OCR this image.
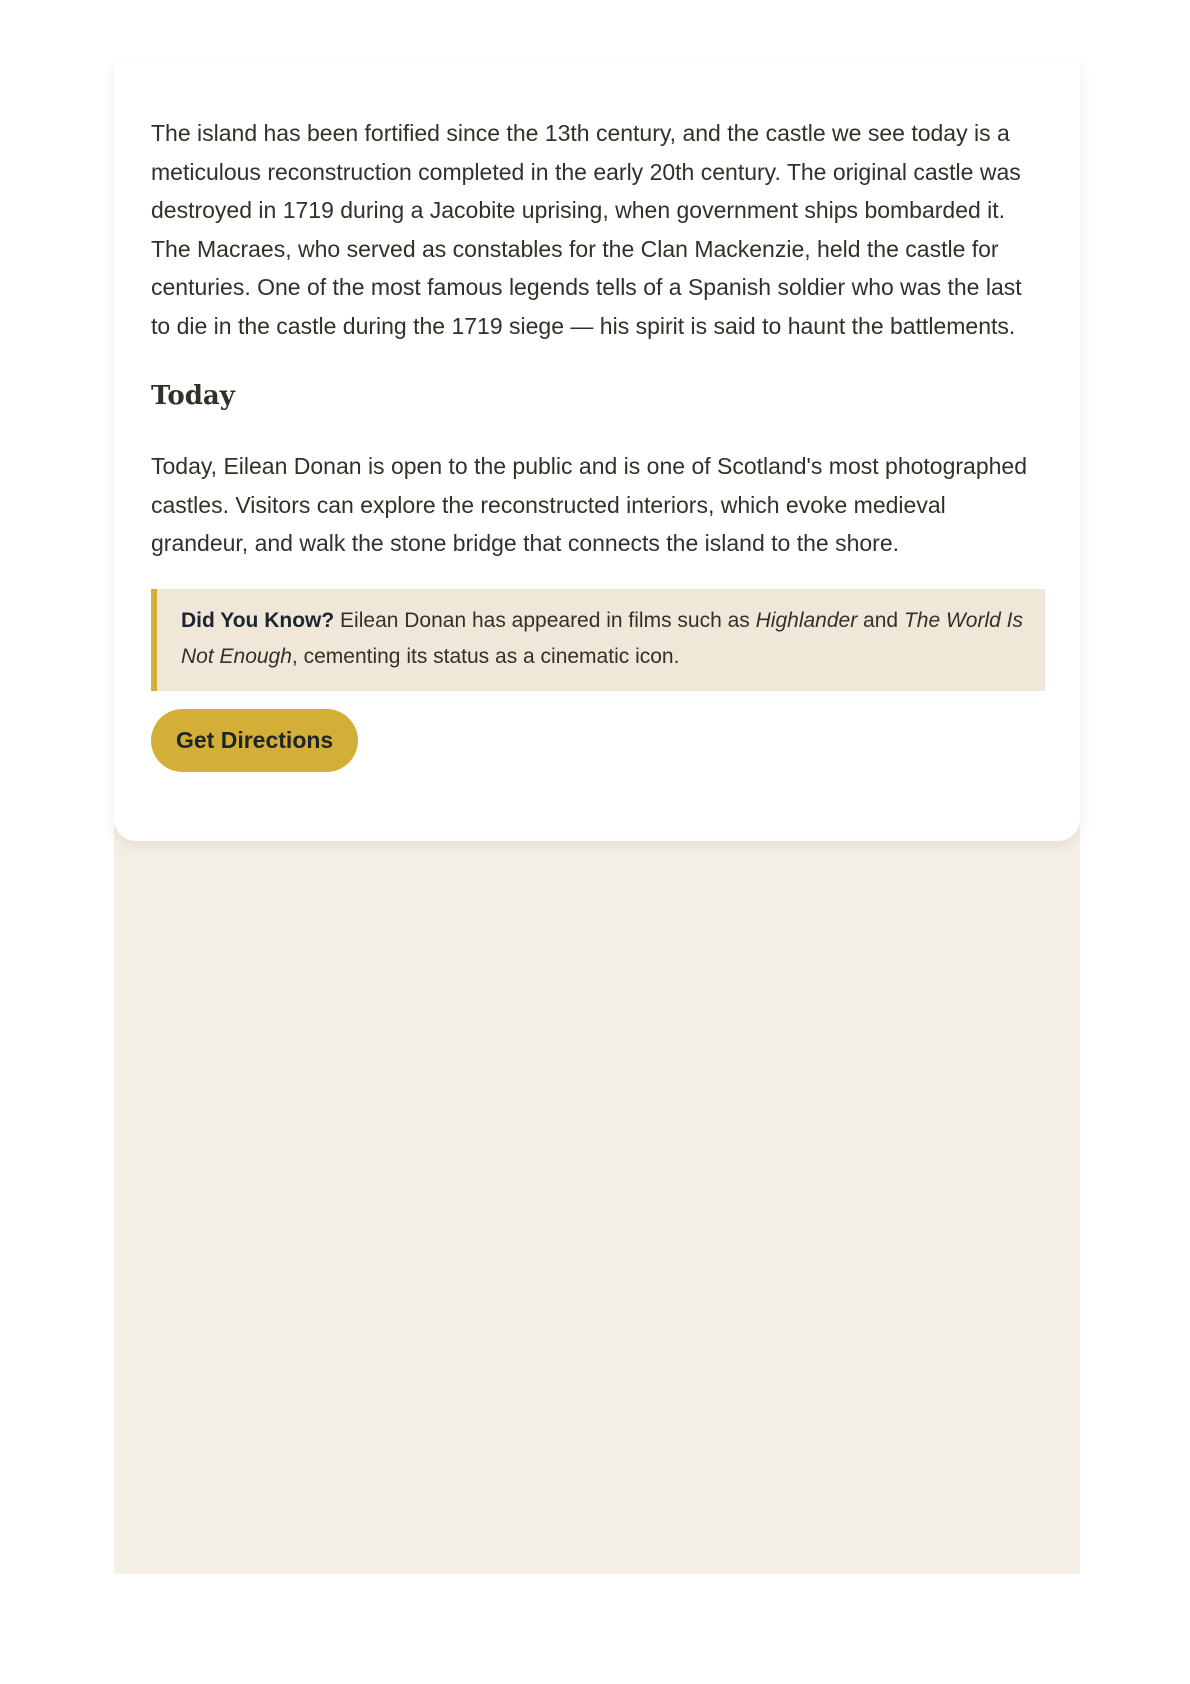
The island has been fortified since the 13th century, and the castle we see today is a meticulous reconstruction completed in the early 20th century. The original castle was destroyed in 1719 during a Jacobite uprising, when government ships bombarded it. The Macraes, who served as constables for the Clan Mackenzie, held the castle for centuries. One of the most famous legends tells of a Spanish soldier who was the last to die in the castle during the 1719 siege — his spirit is said to haunt the battlements.

Today

Today, Eilean Donan is open to the public and is one of Scotland's most photographed castles. Visitors can explore the reconstructed interiors, which evoke medieval grandeur, and walk the stone bridge that connects the island to the shore.

Did You Know? Eilean Donan has appeared in films such as Highlander and The World Is Not Enough, cementing its status as a cinematic icon.
Get Directions
